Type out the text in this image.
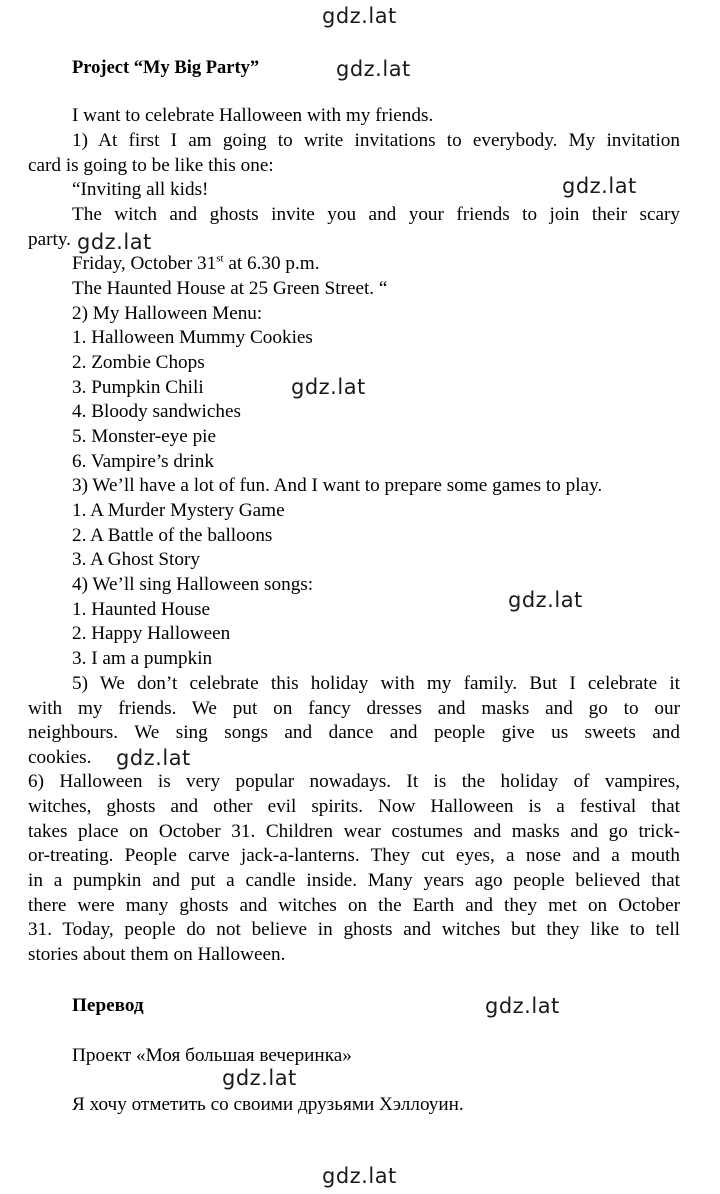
gdz.lat
gdz.lat
gdz.lat
gdz.lat
gdz.lat
gdz.lat
gdz.lat
gdz.lat
gdz.lat
gdz.lat
Project “My Big Party”
I want to celebrate Halloween with my friends.
1) At first I am going to write invitations to everybody. My invitation
card is going to be like this one:
“Inviting all kids!
The witch and ghosts invite you and your friends to join their scary
party.
Friday, October 31st at 6.30 p.m.
The Haunted House at 25 Green Street. “
2) My Halloween Menu:
1. Halloween Mummy Cookies
2. Zombie Chops
3. Pumpkin Chili
4. Bloody sandwiches
5. Monster-eye pie
6. Vampire’s drink
3) We’ll have a lot of fun. And I want to prepare some games to play.
1. A Murder Mystery Game
2. A Battle of the balloons
3. A Ghost Story
4) We’ll sing Halloween songs:
1. Haunted House
2. Happy Halloween
3. I am a pumpkin
5) We don’t celebrate this holiday with my family. But I celebrate it
with my friends. We put on fancy dresses and masks and go to our
neighbours. We sing songs and dance and people give us sweets and
cookies.
6) Halloween is very popular nowadays. It is the holiday of vampires,
witches, ghosts and other evil spirits. Now Halloween is a festival that
takes place on October 31. Children wear costumes and masks and go trick-
or-treating. People carve jack-a-lanterns. They cut eyes, a nose and a mouth
in a pumpkin and put a candle inside. Many years ago people believed that
there were many ghosts and witches on the Earth and they met on October
31. Today, people do not believe in ghosts and witches but they like to tell
stories about them on Halloween.
Перевод
Проект «Моя большая вечеринка»
Я хочу отметить со своими друзьями Хэллоуин.
